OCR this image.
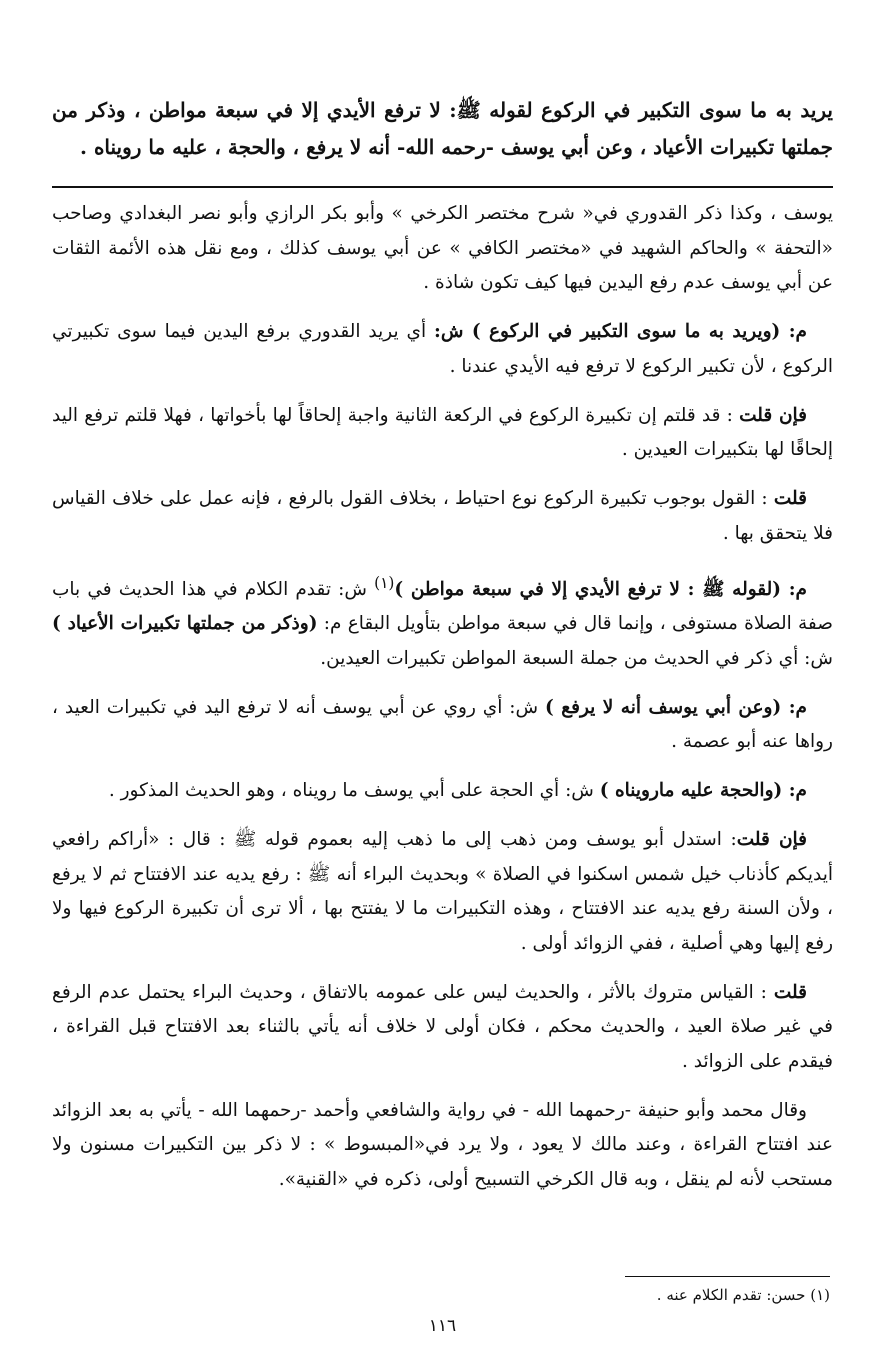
يريد به ما سوى التكبير في الركوع لقوله ﷺ: لا ترفع الأيدي إلا في سبعة مواطن ، وذكر من جملتها تكبيرات الأعياد ، وعن أبي يوسف -رحمه الله- أنه لا يرفع ، والحجة ، عليه ما رويناه .

يوسف ، وكذا ذكر القدوري في« شرح مختصر الكرخي » وأبو بكر الرازي وأبو نصر البغدادي وصاحب «التحفة » والحاكم الشهيد في «مختصر الكافي » عن أبي يوسف كذلك ، ومع نقل هذه الأئمة الثقات عن أبي يوسف عدم رفع اليدين فيها كيف تكون شاذة .

م: (ويريد به ما سوى التكبير في الركوع ) ش: أي يريد القدوري برفع اليدين فيما سوى تكبيرتي الركوع ، لأن تكبير الركوع لا ترفع فيه الأيدي عندنا .

فإن قلت : قد قلتم إن تكبيرة الركوع في الركعة الثانية واجبة إلحاقاً لها بأخواتها ، فهلا قلتم ترفع اليد إلحاقًا لها بتكبيرات العيدين .

قلت : القول بوجوب تكبيرة الركوع نوع احتياط ، بخلاف القول بالرفع ، فإنه عمل على خلاف القياس فلا يتحقق بها .

م: (لقوله ﷺ : لا ترفع الأيدي إلا في سبعة مواطن )$^{(١)}$ ش: تقدم الكلام في هذا الحديث في باب صفة الصلاة مستوفى ، وإنما قال في سبعة مواطن بتأويل البقاع م: (وذكر من جملتها تكبيرات الأعياد ) ش: أي ذكر في الحديث من جملة السبعة المواطن تكبيرات العيدين.

م: (وعن أبي يوسف أنه لا يرفع ) ش: أي روي عن أبي يوسف أنه لا ترفع اليد في تكبيرات العيد ، رواها عنه أبو عصمة .

م: (والحجة عليه مارويناه ) ش: أي الحجة على أبي يوسف ما رويناه ، وهو الحديث المذكور .

فإن قلت: استدل أبو يوسف ومن ذهب إلى ما ذهب إليه بعموم قوله ﷺ : قال : «أراكم رافعي أيديكم كأذناب خيل شمس اسكنوا في الصلاة » وبحديث البراء أنه ﷺ : رفع يديه عند الافتتاح ثم لا يرفع ، ولأن السنة رفع يديه عند الافتتاح ، وهذه التكبيرات ما لا يفتتح بها ، ألا ترى أن تكبيرة الركوع فيها ولا رفع إليها وهي أصلية ، ففي الزوائد أولى .

قلت : القياس متروك بالأثر ، والحديث ليس على عمومه بالاتفاق ، وحديث البراء يحتمل عدم الرفع في غير صلاة العيد ، والحديث محكم ، فكان أولى لا خلاف أنه يأتي بالثناء بعد الافتتاح قبل القراءة ، فيقدم على الزوائد .

وقال محمد وأبو حنيفة -رحمهما الله - في رواية والشافعي وأحمد -رحمهما الله - يأتي به بعد الزوائد عند افتتاح القراءة ، وعند مالك لا يعود ، ولا يرد في«المبسوط » : لا ذكر بين التكبيرات مسنون ولا مستحب لأنه لم ينقل ، وبه قال الكرخي التسبيح أولى، ذكره في «القنية».

(١) حسن: تقدم الكلام عنه .
١١٦
